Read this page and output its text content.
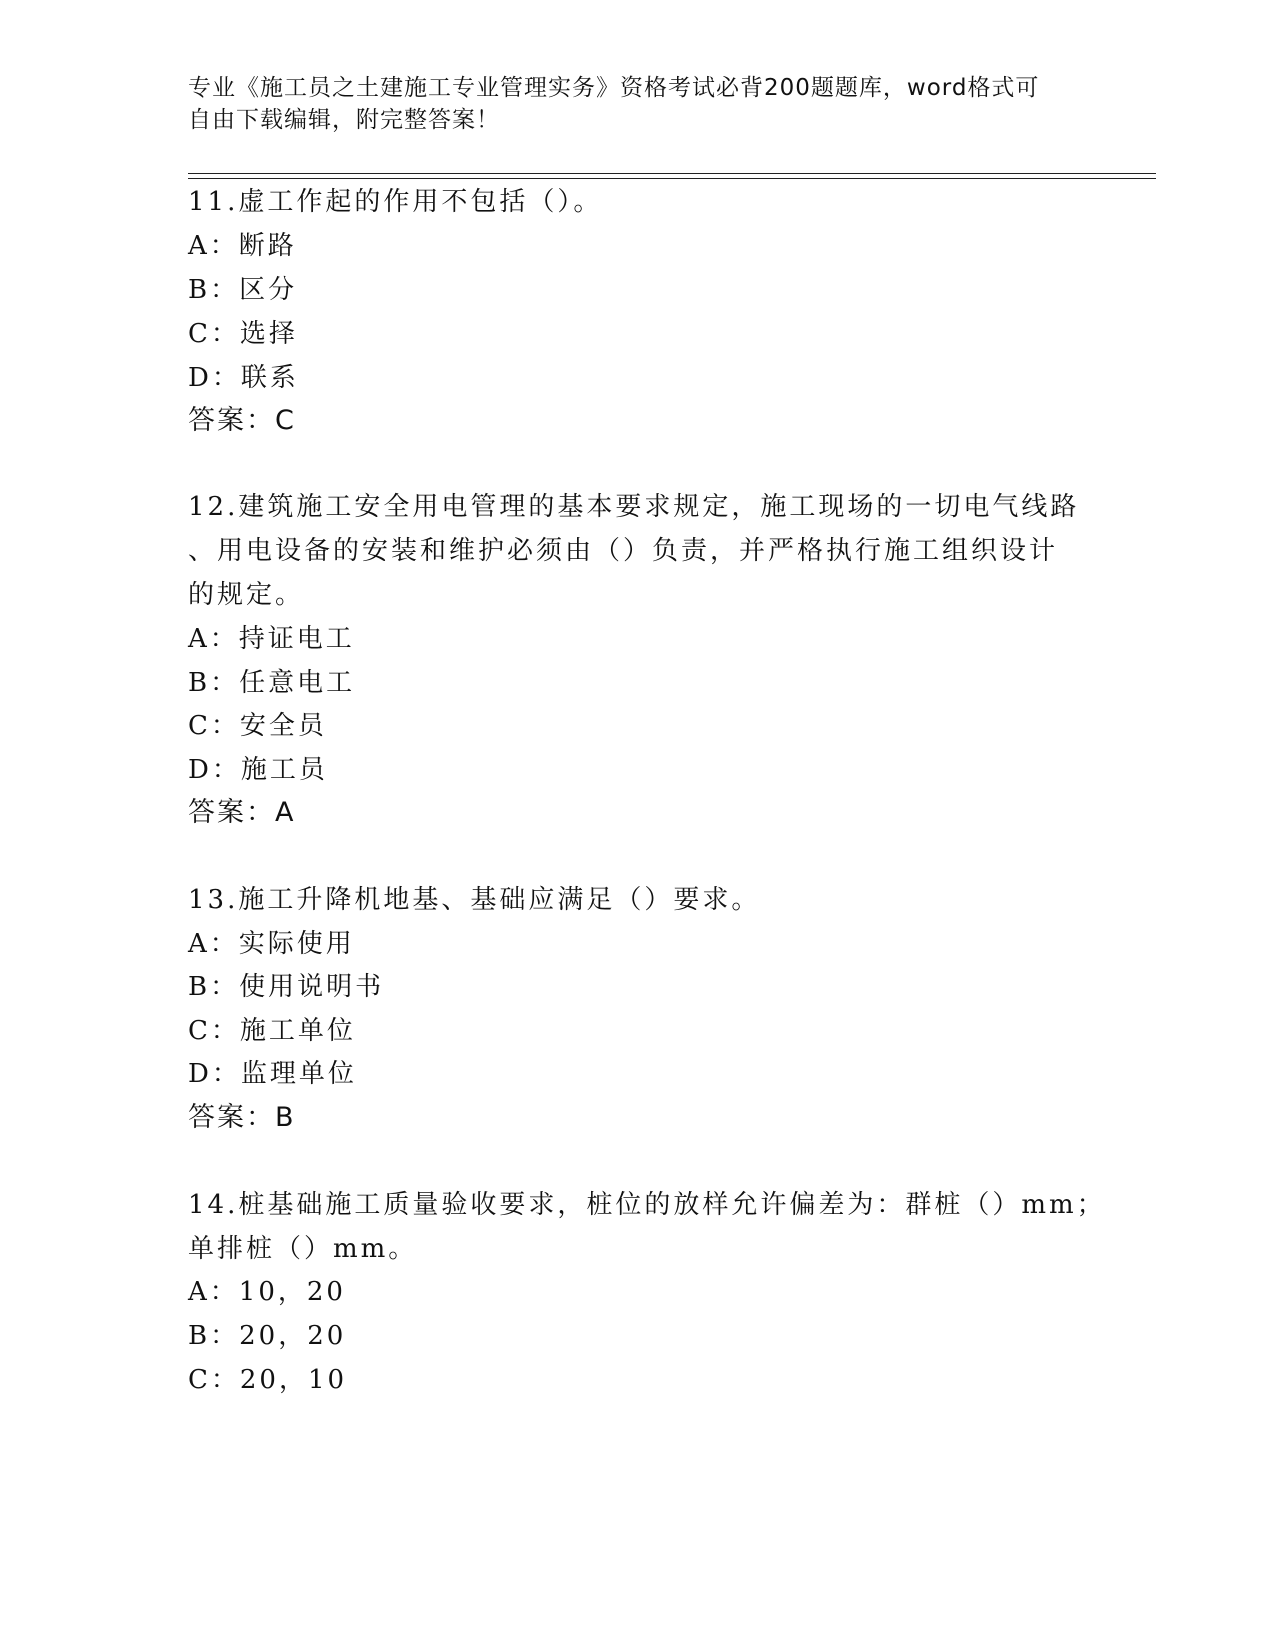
专业《施工员之土建施工专业管理实务》资格考试必背200题题库，word格式可
自由下载编辑，附完整答案！
11.虚工作起的作用不包括（）。
A：断路
B：区分
C：选择
D：联系
答案：C
12.建筑施工安全用电管理的基本要求规定，施工现场的一切电气线路
、用电设备的安装和维护必须由（）负责，并严格执行施工组织设计
的规定。
A：持证电工
B：任意电工
C：安全员
D：施工员
答案：A
13.施工升降机地基、基础应满足（）要求。
A：实际使用
B：使用说明书
C：施工单位
D：监理单位
答案：B
14.桩基础施工质量验收要求，桩位的放样允许偏差为：群桩（）mm；
单排桩（）mm。
A：10，20
B：20，20
C：20，10
